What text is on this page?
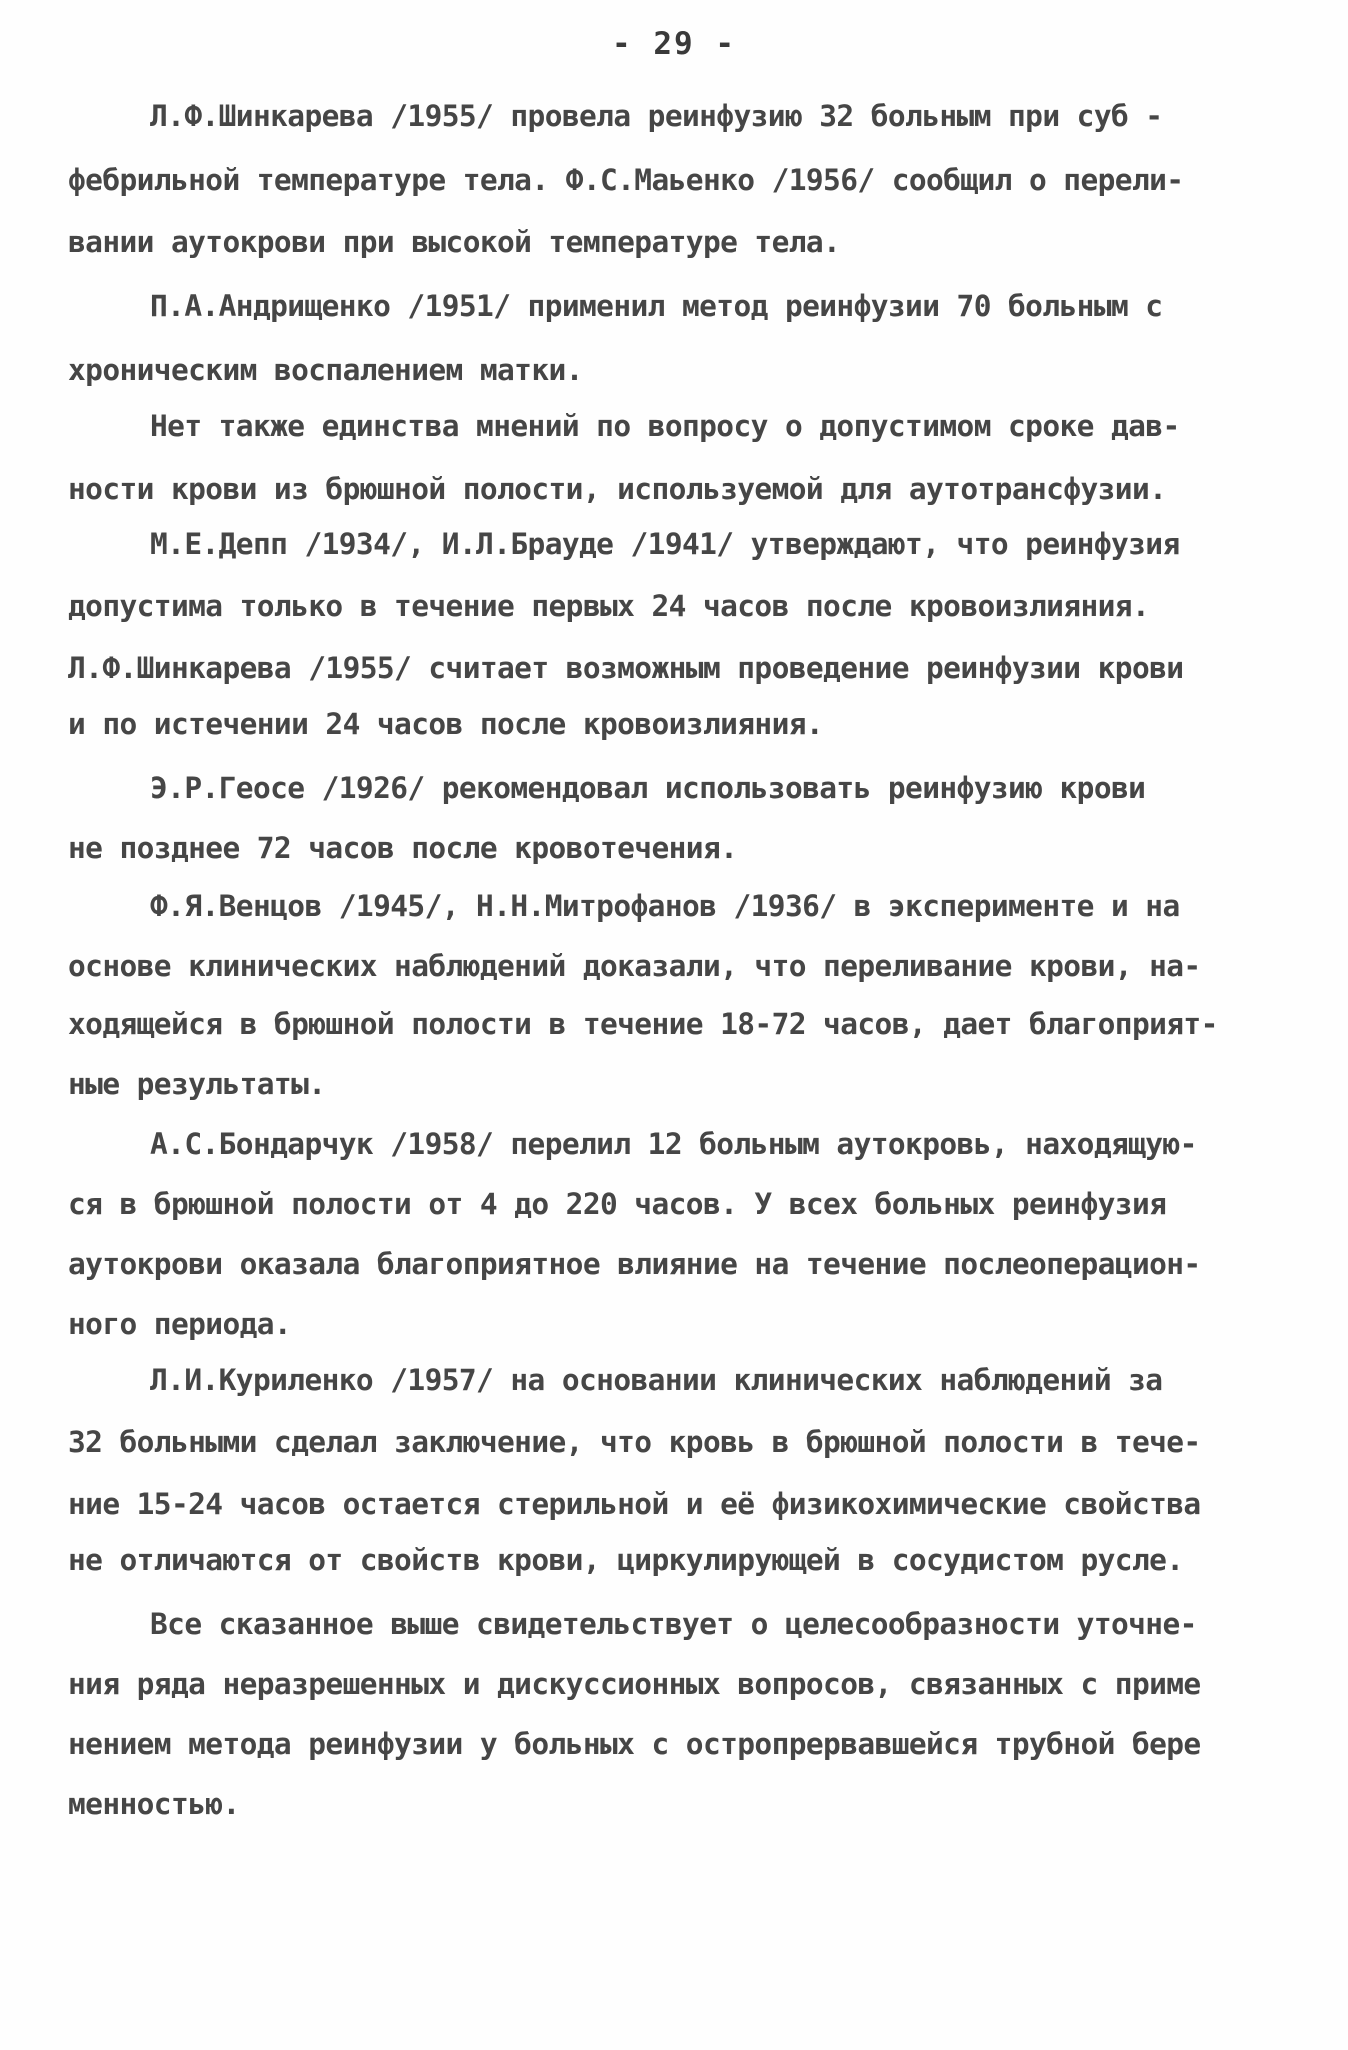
- 29 -
Л.Ф.Шинкарева /1955/ провела реинфузию 32 больным при суб -
фебрильной температуре тела. Ф.С.Маьенко /1956/ сообщил о перели-
вании аутокрови при высокой температуре тела.
П.А.Андрищенко /1951/ применил метод реинфузии 70 больным с
хроническим воспалением матки.
Нет также единства мнений по вопросу о допустимом сроке дав-
ности крови из брюшной полости, используемой для аутотрансфузии.
М.Е.Депп /1934/, И.Л.Брауде /1941/ утверждают, что реинфузия
допустима только в течение первых 24 часов после кровоизлияния.
Л.Ф.Шинкарева /1955/ считает возможным проведение реинфузии крови
и по истечении 24 часов после кровоизлияния.
Э.Р.Геосе /1926/ рекомендовал использовать реинфузию крови
не позднее 72 часов после кровотечения.
Ф.Я.Венцов /1945/, Н.Н.Митрофанов /1936/ в эксперименте и на
основе клинических наблюдений доказали, что переливание крови, на-
ходящейся в брюшной полости в течение 18-72 часов, дает благоприят-
ные результаты.
А.С.Бондарчук /1958/ перелил 12 больным аутокровь, находящую-
ся в брюшной полости от 4 до 220 часов. У всех больных реинфузия
аутокрови оказала благоприятное влияние на течение послеоперацион-
ного периода.
Л.И.Куриленко /1957/ на основании клинических наблюдений за
32 больными сделал заключение, что кровь в брюшной полости в тече-
ние 15-24 часов остается стерильной и её физикохимические свойства
не отличаются от свойств крови, циркулирующей в сосудистом русле.
Все сказанное выше свидетельствует о целесообразности уточне-
ния ряда неразрешенных и дискуссионных вопросов, связанных с приме
нением метода реинфузии у больных с остропрервавшейся трубной бере
менностью.
